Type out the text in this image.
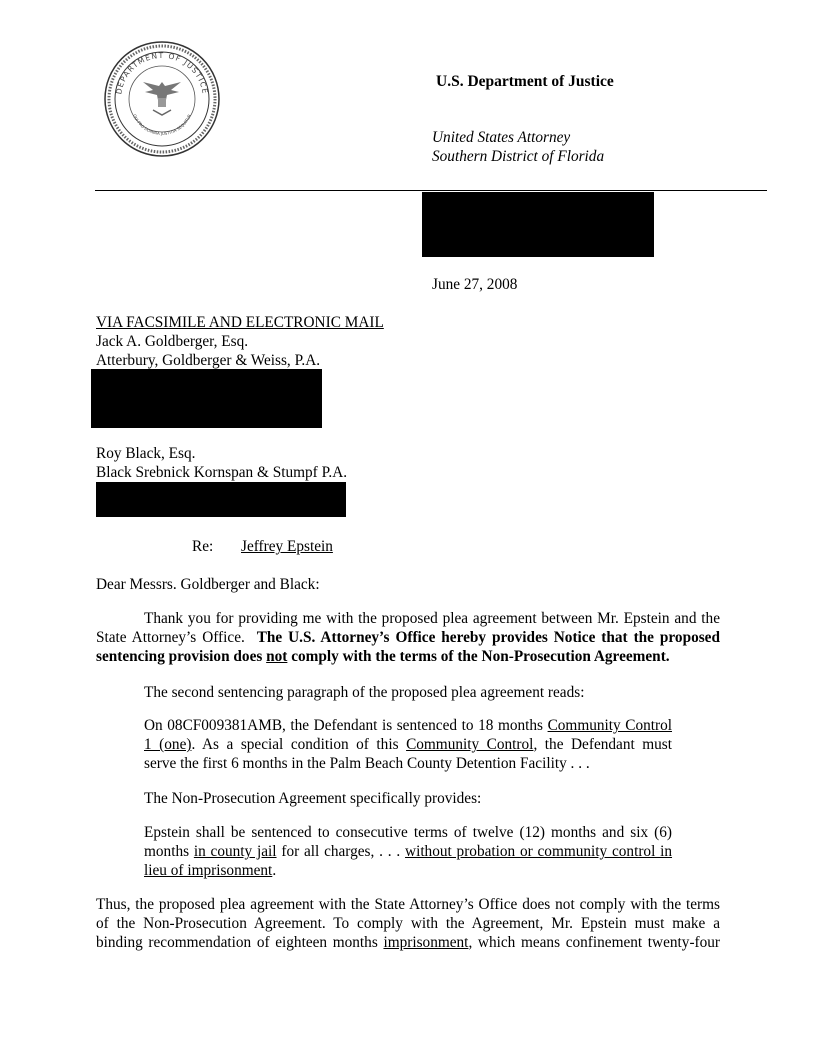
DEPARTMENT OF JUSTICE
QUI PRO DOMINA JUSTITIA SEQUITUR
U.S. Department of Justice
United States Attorney
Southern District of Florida
June 27, 2008
VIA FACSIMILE AND ELECTRONIC MAIL
Jack A. Goldberger, Esq.
Atterbury, Goldberger & Weiss, P.A.
Roy Black, Esq.
Black Srebnick Kornspan & Stumpf P.A.
Re: Jeffrey Epstein
Dear Messrs. Goldberger and Black:
Thank you for providing me with the proposed plea agreement between Mr. Epstein and the
State Attorney’s Office. The U.S. Attorney’s Office hereby provides Notice that the proposed
sentencing provision does not comply with the terms of the Non-Prosecution Agreement.
The second sentencing paragraph of the proposed plea agreement reads:
On 08CF009381AMB, the Defendant is sentenced to 18 months Community Control
1 (one). As a special condition of this Community Control, the Defendant must
serve the first 6 months in the Palm Beach County Detention Facility . . .
The Non-Prosecution Agreement specifically provides:
Epstein shall be sentenced to consecutive terms of twelve (12) months and six (6)
months in county jail for all charges, . . . without probation or community control in
lieu of imprisonment.
Thus, the proposed plea agreement with the State Attorney’s Office does not comply with the terms
of the Non-Prosecution Agreement. To comply with the Agreement, Mr. Epstein must make a
binding recommendation of eighteen months imprisonment, which means confinement twenty-four
